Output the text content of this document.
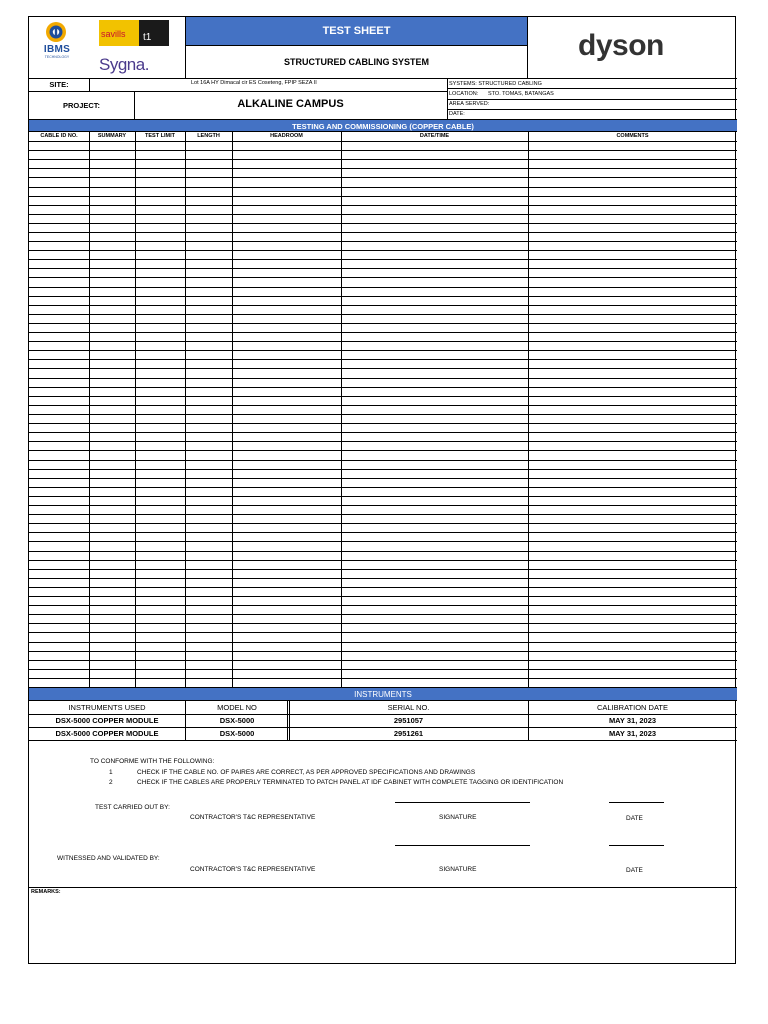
IBMS
TECHNOLOGY
savills t1
Sygna.
TEST SHEET
STRUCTURED CABLING SYSTEM	dyson
SITE:	Lot 16A HY Dimacal cir ES Coseteng, FPIP SEZA II
PROJECT:	ALKALINE CAMPUS
SYSTEMS: STRUCTURED CABLING
LOCATION: STO. TOMAS, BATANGAS
AREA SERVED:
DATE:
TESTING AND COMMISSIONING (COPPER CABLE)
CABLE ID NO.	SUMMARY	TEST LIMIT	LENGTH	HEADROOM	DATE/TIME	COMMENTS
INSTRUMENTS
INSTRUMENTS USED	MODEL NO	SERIAL NO.	CALIBRATION DATE
DSX-5000 COPPER MODULE	DSX-5000	2951057	MAY 31, 2023
DSX-5000 COPPER MODULE	DSX-5000	2951261	MAY 31, 2023
TO CONFORME WITH THE FOLLOWING:
1	CHECK IF THE CABLE NO. OF PAIRES ARE CORRECT, AS PER APPROVED SPECIFICATIONS AND DRAWINGS
2	CHECK IF THE CABLES ARE PROPERLY TERMINATED TO PATCH PANEL AT IDF CABINET WITH COMPLETE TAGGING OR IDENTIFICATION
TEST CARRIED OUT BY:
CONTRACTOR'S T&C REPRESENTATIVE	SIGNATURE	DATE
WITNESSED AND VALIDATED BY:
CONTRACTOR'S T&C REPRESENTATIVE	SIGNATURE	DATE
REMARKS:
